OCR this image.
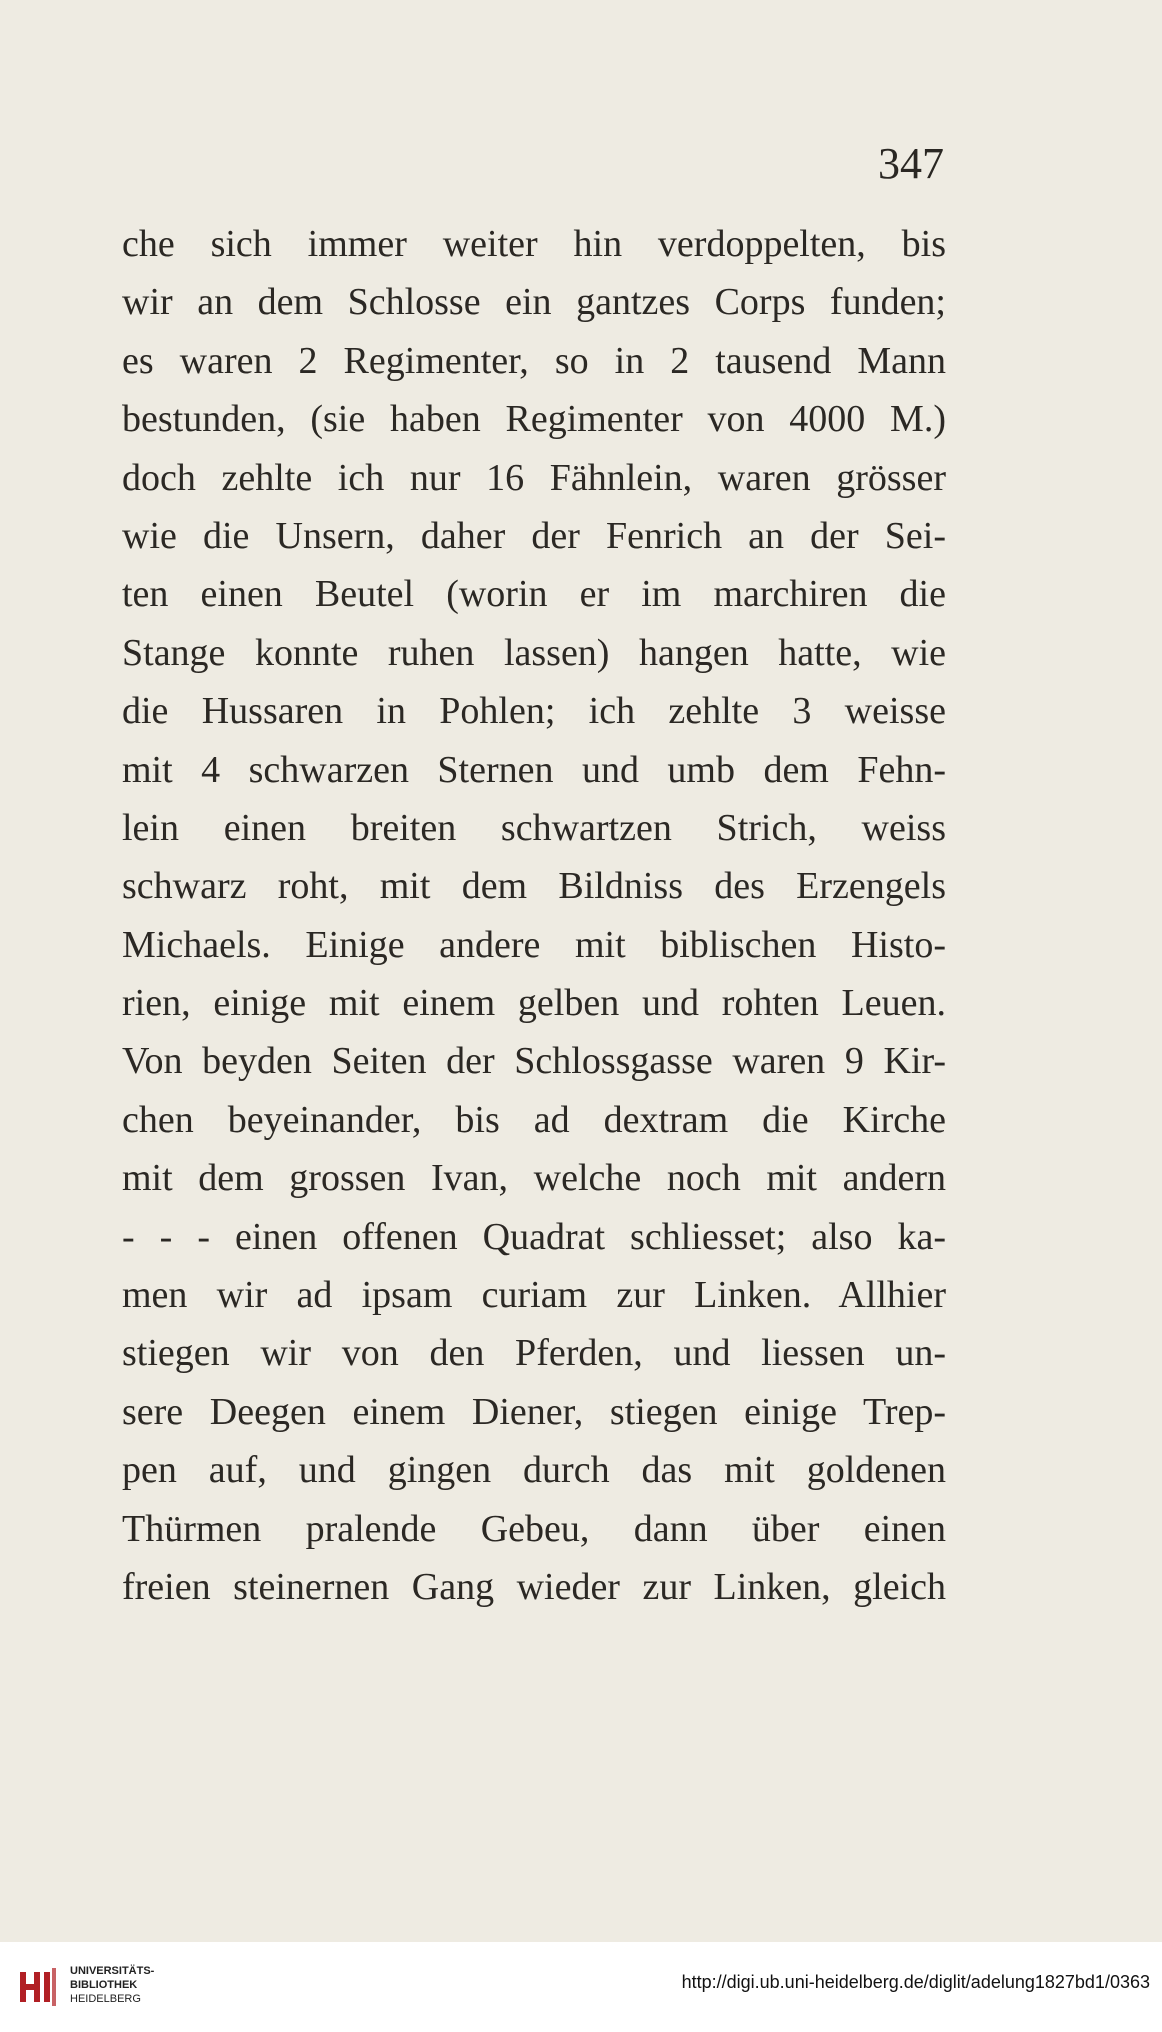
347
che sich immer weiter hin verdoppelten, bis
wir an dem Schlosse ein gantzes Corps funden;
es waren 2 Regimenter, so in 2 tausend Mann
bestunden, (sie haben Regimenter von 4000 M.)
doch zehlte ich nur 16 Fähnlein, waren grösser
wie die Unsern, daher der Fenrich an der Sei-
ten einen Beutel (worin er im marchiren die
Stange konnte ruhen lassen) hangen hatte, wie
die Hussaren in Pohlen; ich zehlte 3 weisse
mit 4 schwarzen Sternen und umb dem Fehn-
lein einen breiten schwartzen Strich, weiss
schwarz roht, mit dem Bildniss des Erzengels
Michaels. Einige andere mit biblischen Histo-
rien, einige mit einem gelben und rohten Leuen.
Von beyden Seiten der Schlossgasse waren 9 Kir-
chen beyeinander, bis ad dextram die Kirche
mit dem grossen Ivan, welche noch mit andern
- - - einen offenen Quadrat schliesset; also ka-
men wir ad ipsam curiam zur Linken. Allhier
stiegen wir von den Pferden, und liessen un-
sere Deegen einem Diener, stiegen einige Trep-
pen auf, und gingen durch das mit goldenen
Thürmen pralende Gebeu, dann über einen
freien steinernen Gang wieder zur Linken, gleich
UNIVERSITÄTS-
BIBLIOTHEK
HEIDELBERG
http://digi.ub.uni-heidelberg.de/diglit/adelung1827bd1/0363
